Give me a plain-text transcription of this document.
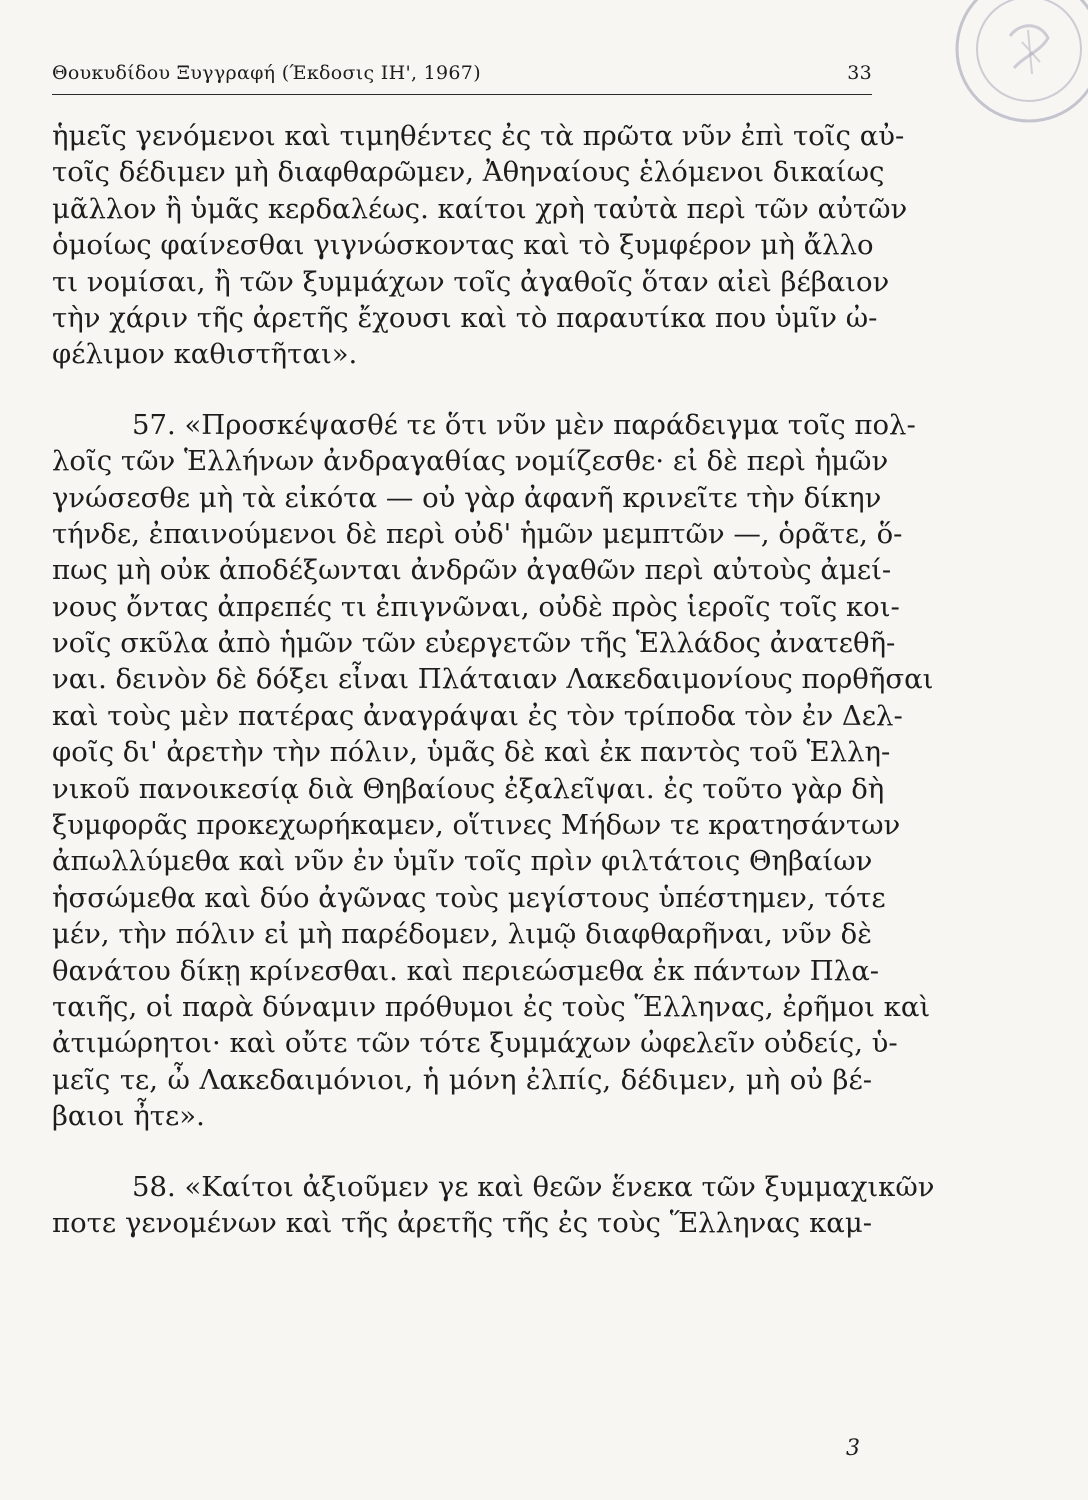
Θουκυδίδου Ξυγγραφή (Έκδοσις ΙΗ', 1967)	33
ἡμεῖς γενόμενοι καὶ τιμηθέντες ἐς τὰ πρῶτα νῦν ἐπὶ τοῖς αὐ-
τοῖς δέδιμεν μὴ διαφθαρῶμεν, Ἀθηναίους ἑλόμενοι δικαίως
μᾶλλον ἢ ὑμᾶς κερδαλέως. καίτοι χρὴ ταὐτὰ περὶ τῶν αὐτῶν
ὁμοίως φαίνεσθαι γιγνώσκοντας καὶ τὸ ξυμφέρον μὴ ἄλλο
τι νομίσαι, ἢ τῶν ξυμμάχων τοῖς ἀγαθοῖς ὅταν αἰεὶ βέβαιον
τὴν χάριν τῆς ἀρετῆς ἔχουσι καὶ τὸ παραυτίκα που ὑμῖν ὠ-
φέλιμον καθιστῆται».
57. «Προσκέψασθέ τε ὅτι νῦν μὲν παράδειγμα τοῖς πολ-
λοῖς τῶν Ἑλλήνων ἀνδραγαθίας νομίζεσθε· εἰ δὲ περὶ ἡμῶν
γνώσεσθε μὴ τὰ εἰκότα — οὐ γὰρ ἀφανῆ κρινεῖτε τὴν δίκην
τήνδε, ἐπαινούμενοι δὲ περὶ οὐδ' ἡμῶν μεμπτῶν —, ὁρᾶτε, ὅ-
πως μὴ οὐκ ἀποδέξωνται ἀνδρῶν ἀγαθῶν περὶ αὐτοὺς ἀμεί-
νους ὄντας ἀπρεπές τι ἐπιγνῶναι, οὐδὲ πρὸς ἱεροῖς τοῖς κοι-
νοῖς σκῦλα ἀπὸ ἡμῶν τῶν εὐεργετῶν τῆς Ἑλλάδος ἀνατεθῆ-
ναι. δεινὸν δὲ δόξει εἶναι Πλάταιαν Λακεδαιμονίους πορθῆσαι
καὶ τοὺς μὲν πατέρας ἀναγράψαι ἐς τὸν τρίποδα τὸν ἐν Δελ-
φοῖς δι' ἀρετὴν τὴν πόλιν, ὑμᾶς δὲ καὶ ἐκ παντὸς τοῦ Ἑλλη-
νικοῦ πανοικεσίᾳ διὰ Θηβαίους ἐξαλεῖψαι. ἐς τοῦτο γὰρ δὴ
ξυμφορᾶς προκεχωρήκαμεν, οἵτινες Μήδων τε κρατησάντων
ἀπωλλύμεθα καὶ νῦν ἐν ὑμῖν τοῖς πρὶν φιλτάτοις Θηβαίων
ἡσσώμεθα καὶ δύο ἀγῶνας τοὺς μεγίστους ὑπέστημεν, τότε
μέν, τὴν πόλιν εἰ μὴ παρέδομεν, λιμῷ διαφθαρῆναι, νῦν δὲ
θανάτου δίκῃ κρίνεσθαι. καὶ περιεώσμεθα ἐκ πάντων Πλα-
ταιῆς, οἱ παρὰ δύναμιν πρόθυμοι ἐς τοὺς Ἕλληνας, ἐρῆμοι καὶ
ἀτιμώρητοι· καὶ οὔτε τῶν τότε ξυμμάχων ὠφελεῖν οὐδείς, ὑ-
μεῖς τε, ὦ Λακεδαιμόνιοι, ἡ μόνη ἐλπίς, δέδιμεν, μὴ οὐ βέ-
βαιοι ἦτε».
58. «Καίτοι ἀξιοῦμεν γε καὶ θεῶν ἕνεκα τῶν ξυμμαχικῶν
ποτε γενομένων καὶ τῆς ἀρετῆς τῆς ἐς τοὺς Ἕλληνας καμ-
3
